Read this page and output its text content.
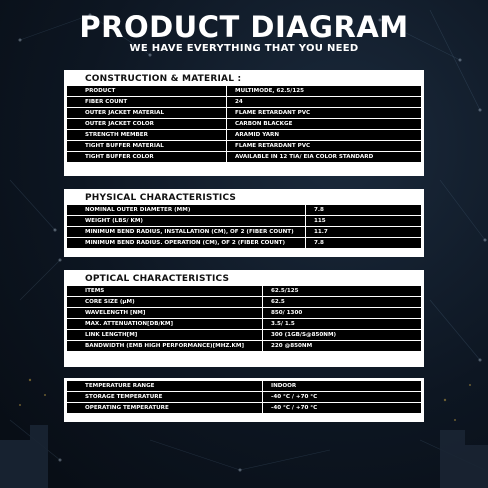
PRODUCT DIAGRAM
WE HAVE EVERYTHING THAT YOU NEED
CONSTRUCTION & MATERIAL :
PRODUCT	MULTIMODE, 62.5/125
FIBER COUNT	24
OUTER JACKET MATERIAL	FLAME RETARDANT PVC
OUTER JACKET COLOR	CARBON BLACKGE
STRENGTH MEMBER	ARAMID YARN
TIGHT BUFFER MATERIAL	FLAME RETARDANT PVC
TIGHT BUFFER COLOR	AVAILABLE IN 12 TIA/ EIA COLOR STANDARD
PHYSICAL CHARACTERISTICS
NOMINAL OUTER DIAMETER (MM)	7.8
WEIGHT (LBS/ KM)	115
MINIMUM BEND RADIUS, INSTALLATION (CM), OF 2 (FIBER COUNT)	11.7
MINIMUM BEND RADIUS. OPERATION (CM), OF 2 (FIBER COUNT)	7.8
OPTICAL CHARACTERISTICS
ITEMS	62.5/125
CORE SIZE (μM)	62.5
WAVELENGTH [NM]	850/ 1300
MAX. ATTENUATION[DB/KM]	3.5/ 1.5
LINK LENGTH[M]	300 (1GB/S@850NM)
BANDWIDTH (EMB HIGH PERFORMANCE)[MHZ.KM]	220 @850NM
TEMPERATURE RANGE	INDOOR
STORAGE TEMPERATURE	-40 °C / +70 °C
OPERATING TEMPERATURE	-40 °C / +70 °C
